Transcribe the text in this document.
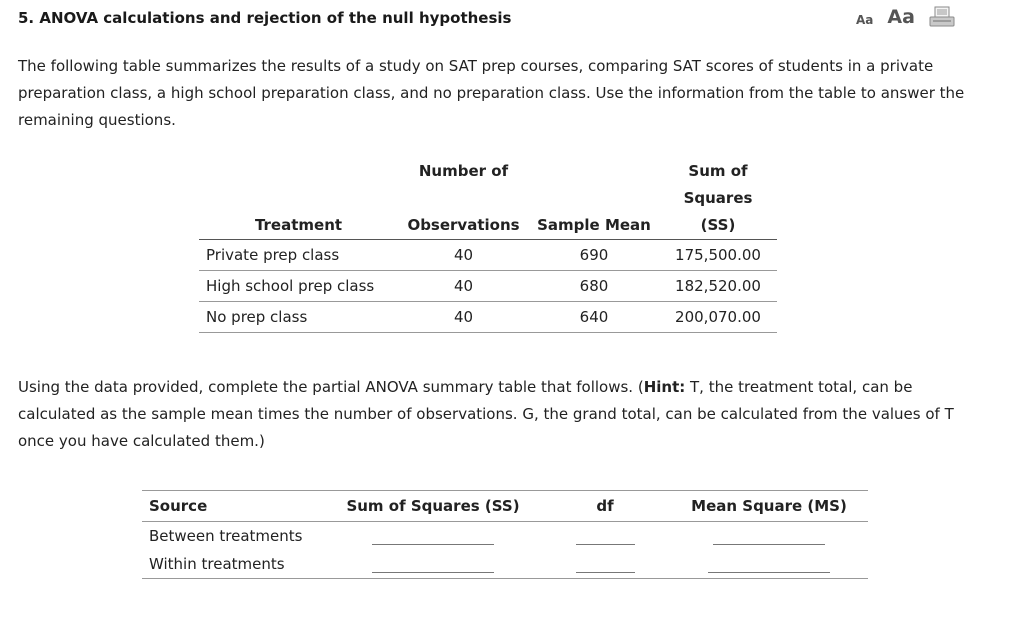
5. ANOVA calculations and rejection of the null hypothesis	Aa Aa

The following table summarizes the results of a study on SAT prep courses, comparing SAT scores of students in a private preparation class, a high school preparation class, and no preparation class. Use the information from the table to answer the remaining questions.

	Number of		Sum of
Treatment	Observations	Sample Mean	Squares (SS)
Private prep class	40	690	175,500.00
High school prep class	40	680	182,520.00
No prep class	40	640	200,070.00

Using the data provided, complete the partial ANOVA summary table that follows. (Hint: T, the treatment total, can be calculated as the sample mean times the number of observations. G, the grand total, can be calculated from the values of T once you have calculated them.)

Source	Sum of Squares (SS)	df	Mean Square (MS)
Between treatments			
Within treatments			
